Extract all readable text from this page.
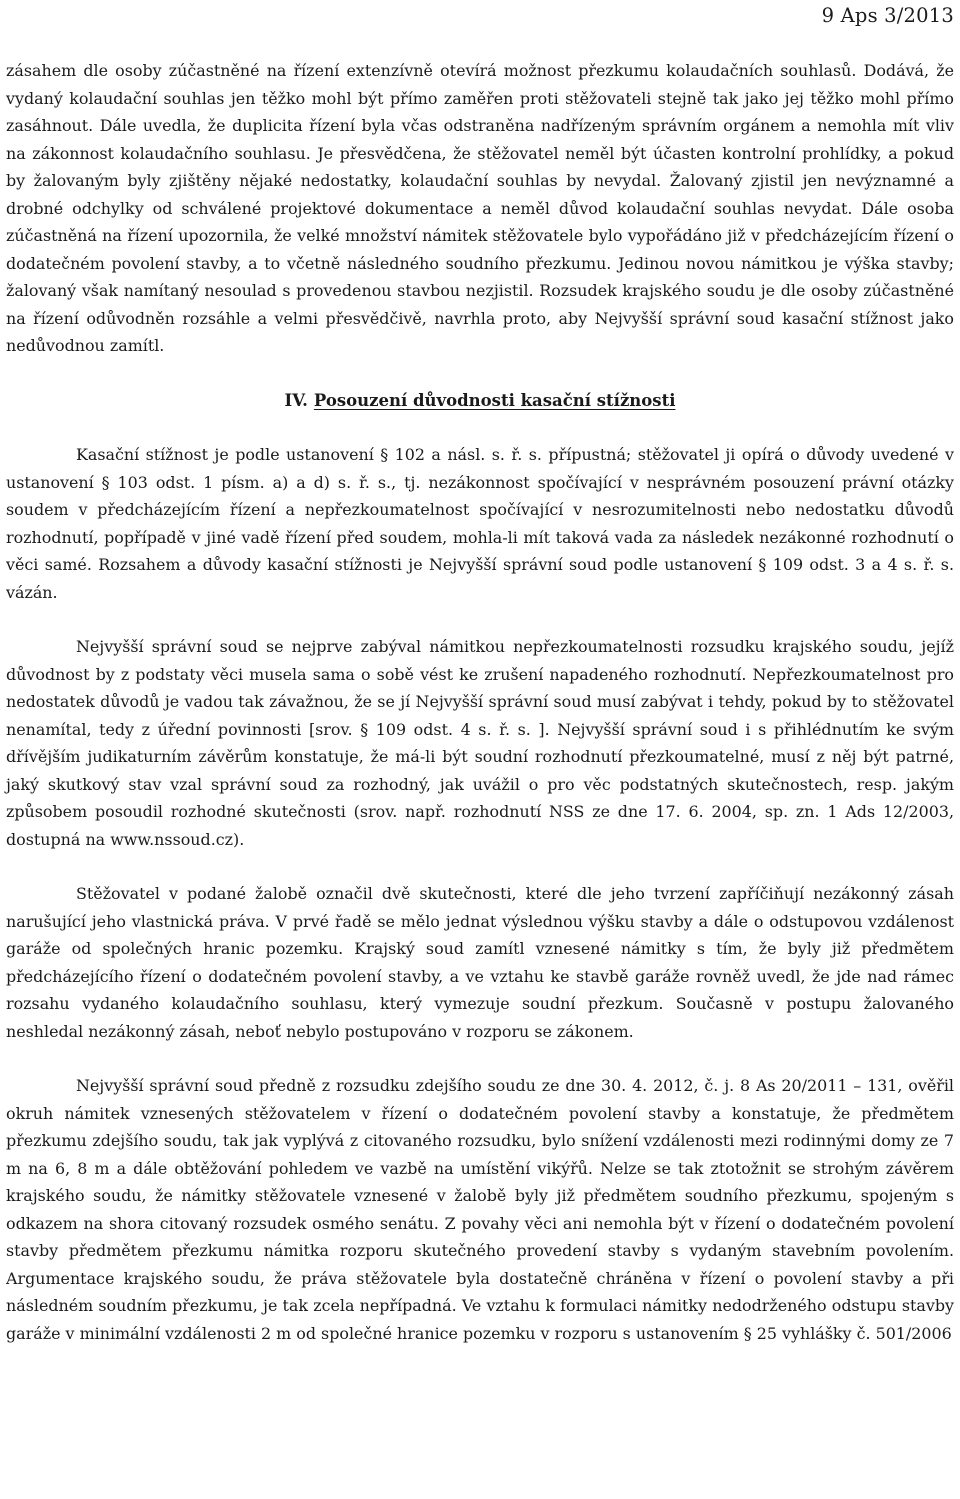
9 Aps 3/2013

zásahem dle osoby zúčastněné na řízení extenzívně otevírá možnost přezkumu kolaudačních souhlasů. Dodává, že vydaný kolaudační souhlas jen těžko mohl být přímo zaměřen proti stěžovateli stejně tak jako jej těžko mohl přímo zasáhnout. Dále uvedla, že duplicita řízení byla včas odstraněna nadřízeným správním orgánem a nemohla mít vliv na zákonnost kolaudačního souhlasu. Je přesvědčena, že stěžovatel neměl být účasten kontrolní prohlídky, a pokud by žalovaným byly zjištěny nějaké nedostatky, kolaudační souhlas by nevydal. Žalovaný zjistil jen nevýznamné a drobné odchylky od schválené projektové dokumentace a neměl důvod kolaudační souhlas nevydat. Dále osoba zúčastněná na řízení upozornila, že velké množství námitek stěžovatele bylo vypořádáno již v předcházejícím řízení o dodatečném povolení stavby, a to včetně následného soudního přezkumu. Jedinou novou námitkou je výška stavby; žalovaný však namítaný nesoulad s provedenou stavbou nezjistil. Rozsudek krajského soudu je dle osoby zúčastněné na řízení odůvodněn rozsáhle a velmi přesvědčivě, navrhla proto, aby Nejvyšší správní soud kasační stížnost jako nedůvodnou zamítl.

IV. Posouzení důvodnosti kasační stížnosti

Kasační stížnost je podle ustanovení § 102 a násl. s. ř. s. přípustná; stěžovatel ji opírá o důvody uvedené v ustanovení § 103 odst. 1 písm. a) a d) s. ř. s., tj. nezákonnost spočívající v nesprávném posouzení právní otázky soudem v předcházejícím řízení a nepřezkoumatelnost spočívající v nesrozumitelnosti nebo nedostatku důvodů rozhodnutí, popřípadě v jiné vadě řízení před soudem, mohla-li mít taková vada za následek nezákonné rozhodnutí o věci samé. Rozsahem a důvody kasační stížnosti je Nejvyšší správní soud podle ustanovení § 109 odst. 3 a 4 s. ř. s. vázán.

Nejvyšší správní soud se nejprve zabýval námitkou nepřezkoumatelnosti rozsudku krajského soudu, jejíž důvodnost by z podstaty věci musela sama o sobě vést ke zrušení napadeného rozhodnutí. Nepřezkoumatelnost pro nedostatek důvodů je vadou tak závažnou, že se jí Nejvyšší správní soud musí zabývat i tehdy, pokud by to stěžovatel nenamítal, tedy z úřední povinnosti [srov. § 109 odst. 4 s. ř. s. ]. Nejvyšší správní soud i s přihlédnutím ke svým dřívějším judikaturním závěrům konstatuje, že má-li být soudní rozhodnutí přezkoumatelné, musí z něj být patrné, jaký skutkový stav vzal správní soud za rozhodný, jak uvážil o pro věc podstatných skutečnostech, resp. jakým způsobem posoudil rozhodné skutečnosti (srov. např. rozhodnutí NSS ze dne 17. 6. 2004, sp. zn. 1 Ads 12/2003, dostupná na www.nssoud.cz).

Stěžovatel v podané žalobě označil dvě skutečnosti, které dle jeho tvrzení zapříčiňují nezákonný zásah narušující jeho vlastnická práva. V prvé řadě se mělo jednat výslednou výšku stavby a dále o odstupovou vzdálenost garáže od společných hranic pozemku. Krajský soud zamítl vznesené námitky s tím, že byly již předmětem předcházejícího řízení o dodatečném povolení stavby, a ve vztahu ke stavbě garáže rovněž uvedl, že jde nad rámec rozsahu vydaného kolaudačního souhlasu, který vymezuje soudní přezkum. Současně v postupu žalovaného neshledal nezákonný zásah, neboť nebylo postupováno v rozporu se zákonem.

Nejvyšší správní soud předně z rozsudku zdejšího soudu ze dne 30. 4. 2012, č. j. 8 As 20/2011 – 131, ověřil okruh námitek vznesených stěžovatelem v řízení o dodatečném povolení stavby a konstatuje, že předmětem přezkumu zdejšího soudu, tak jak vyplývá z citovaného rozsudku, bylo snížení vzdálenosti mezi rodinnými domy ze 7 m na 6, 8 m a dále obtěžování pohledem ve vazbě na umístění vikýřů. Nelze se tak ztotožnit se strohým závěrem krajského soudu, že námitky stěžovatele vznesené v žalobě byly již předmětem soudního přezkumu, spojeným s odkazem na shora citovaný rozsudek osmého senátu. Z povahy věci ani nemohla být v řízení o dodatečném povolení stavby předmětem přezkumu námitka rozporu skutečného provedení stavby s vydaným stavebním povolením. Argumentace krajského soudu, že práva stěžovatele byla dostatečně chráněna v řízení o povolení stavby a při následném soudním přezkumu, je tak zcela nepřípadná. Ve vztahu k formulaci námitky nedodrženého odstupu stavby garáže v minimální vzdálenosti 2 m od společné hranice pozemku v rozporu s ustanovením § 25 vyhlášky č. 501/2006
